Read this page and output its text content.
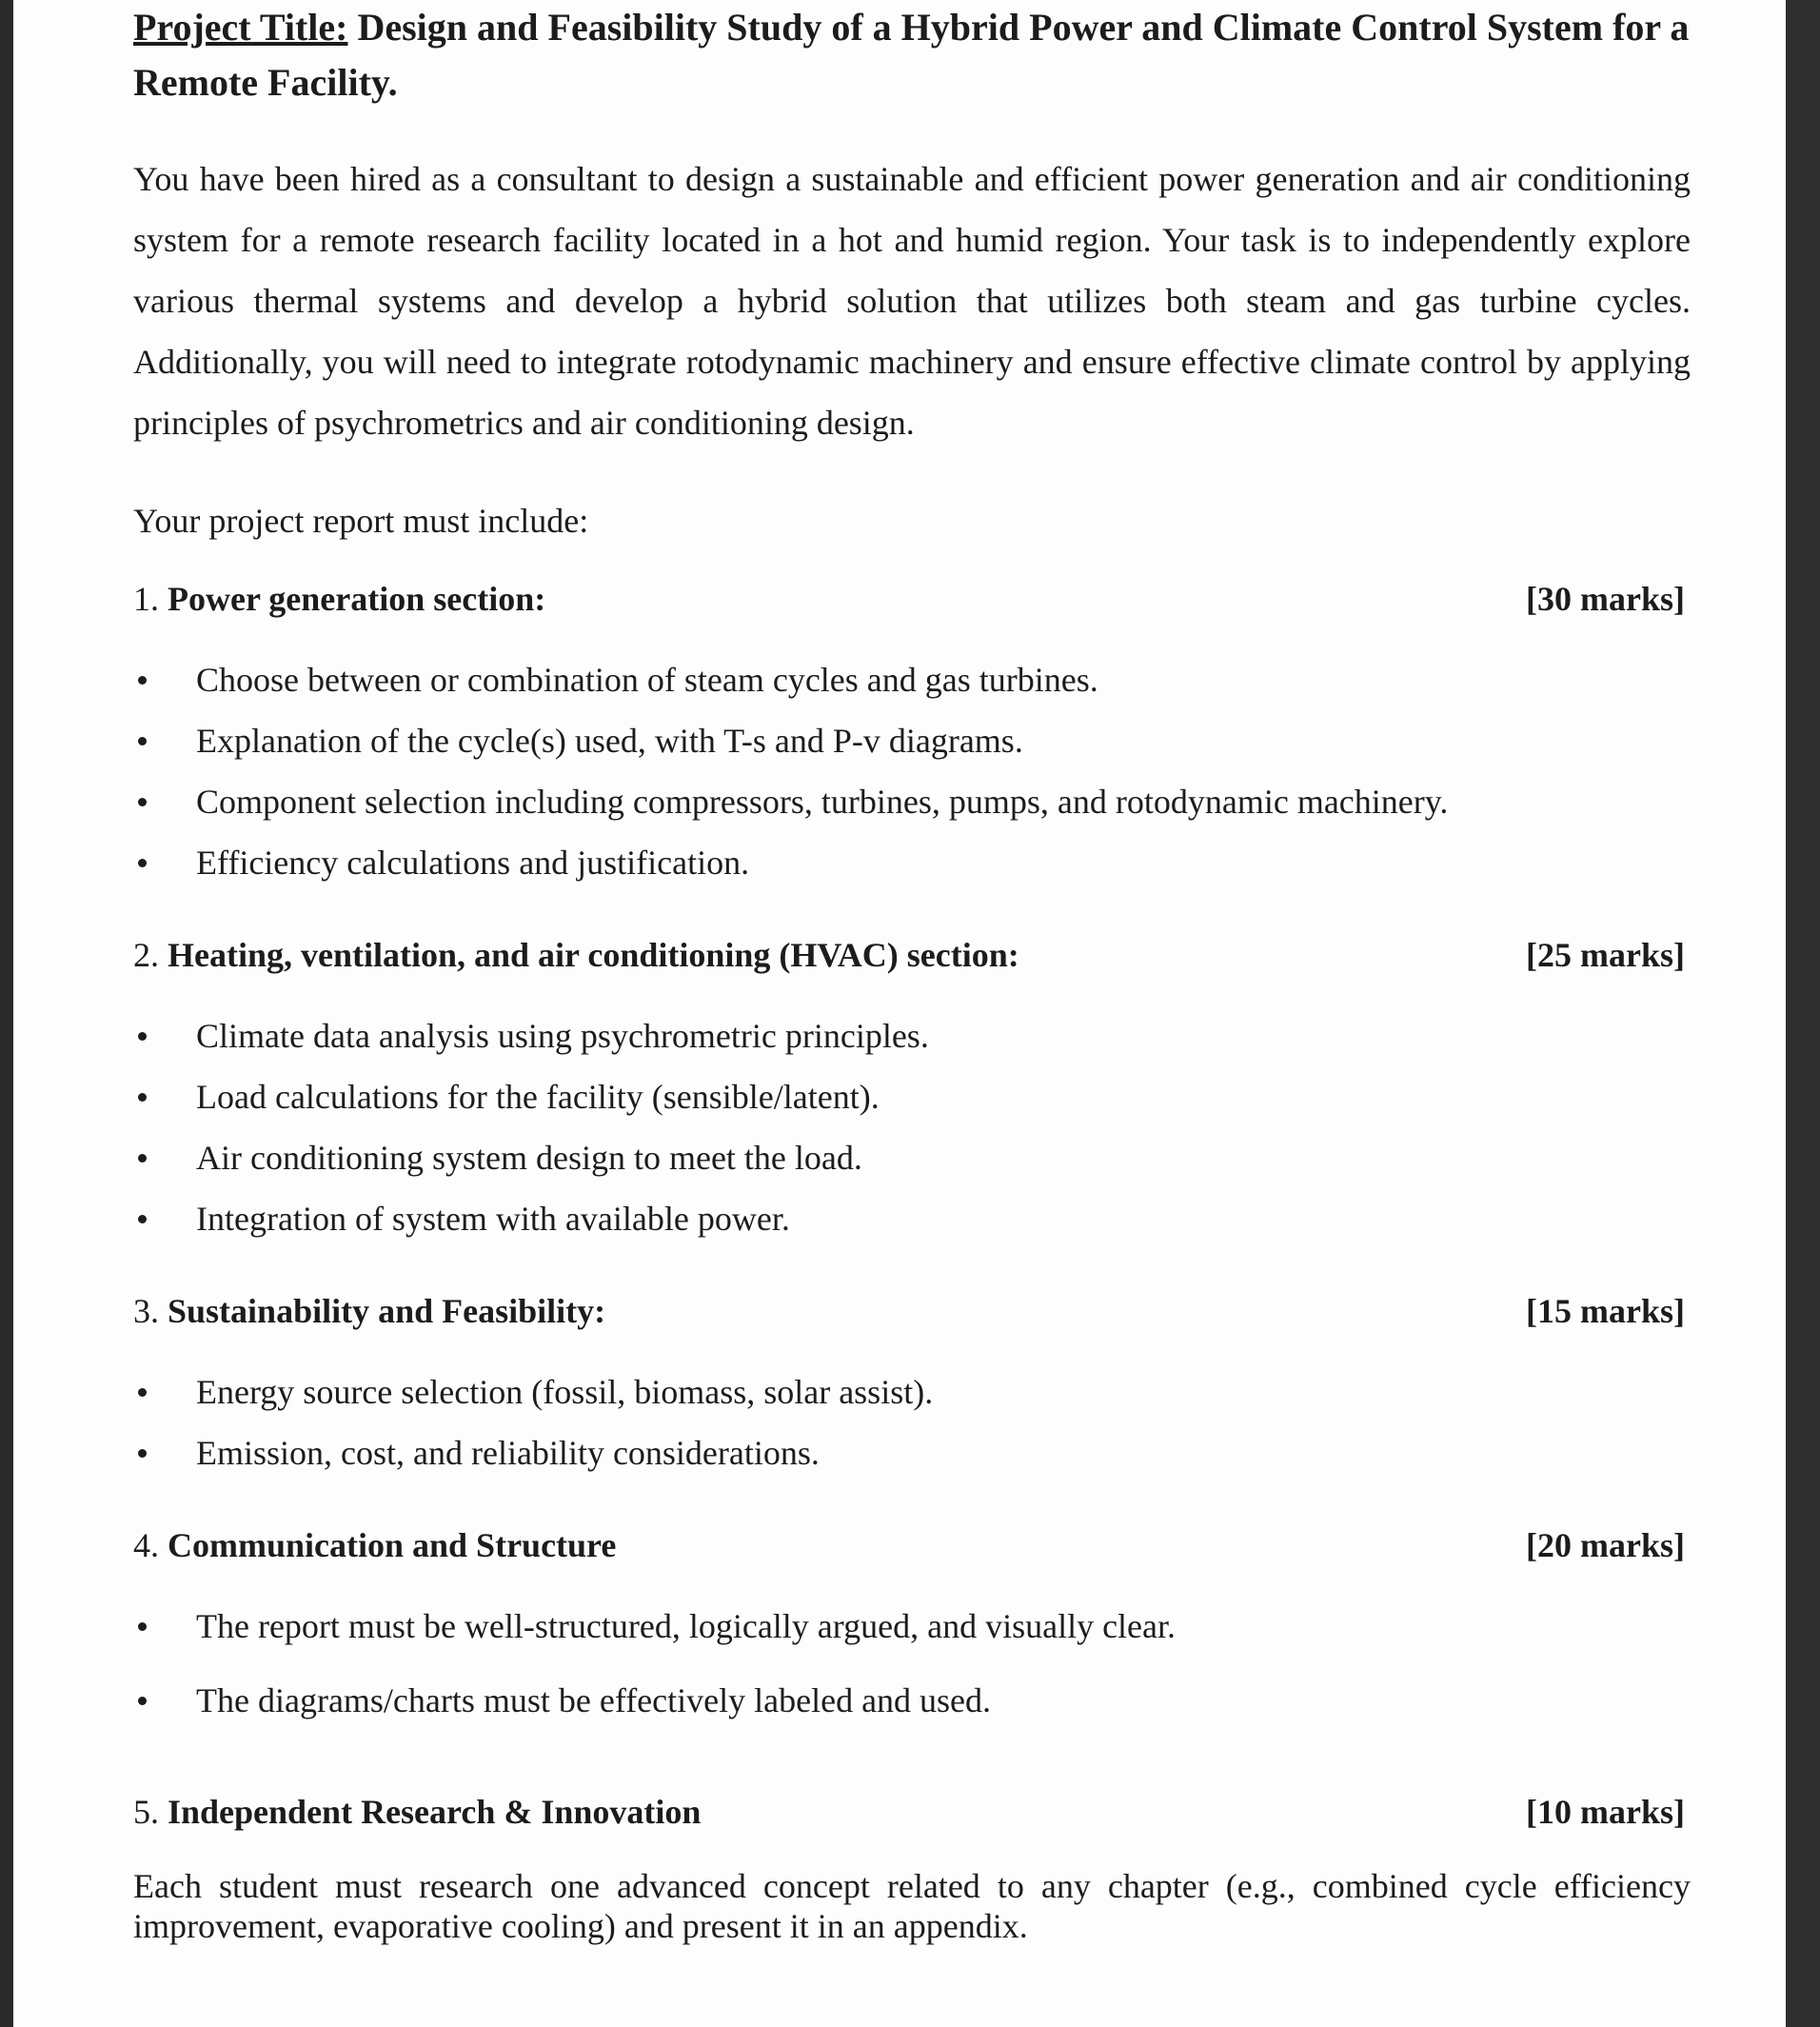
Project Title: Design and Feasibility Study of a Hybrid Power and Climate Control System for a Remote Facility.

You have been hired as a consultant to design a sustainable and efficient power generation and air conditioning system for a remote research facility located in a hot and humid region. Your task is to independently explore various thermal systems and develop a hybrid solution that utilizes both steam and gas turbine cycles. Additionally, you will need to integrate rotodynamic machinery and ensure effective climate control by applying principles of psychrometrics and air conditioning design.

Your project report must include:

1. Power generation section:	[30 marks]
Choose between or combination of steam cycles and gas turbines.
Explanation of the cycle(s) used, with T-s and P-v diagrams.
Component selection including compressors, turbines, pumps, and rotodynamic machinery.
Efficiency calculations and justification.
2. Heating, ventilation, and air conditioning (HVAC) section:	[25 marks]
Climate data analysis using psychrometric principles.
Load calculations for the facility (sensible/latent).
Air conditioning system design to meet the load.
Integration of system with available power.
3. Sustainability and Feasibility:	[15 marks]
Energy source selection (fossil, biomass, solar assist).
Emission, cost, and reliability considerations.
4. Communication and Structure	[20 marks]
The report must be well-structured, logically argued, and visually clear.
The diagrams/charts must be effectively labeled and used.
5. Independent Research & Innovation	[10 marks]

Each student must research one advanced concept related to any chapter (e.g., combined cycle efficiency improvement, evaporative cooling) and present it in an appendix.
